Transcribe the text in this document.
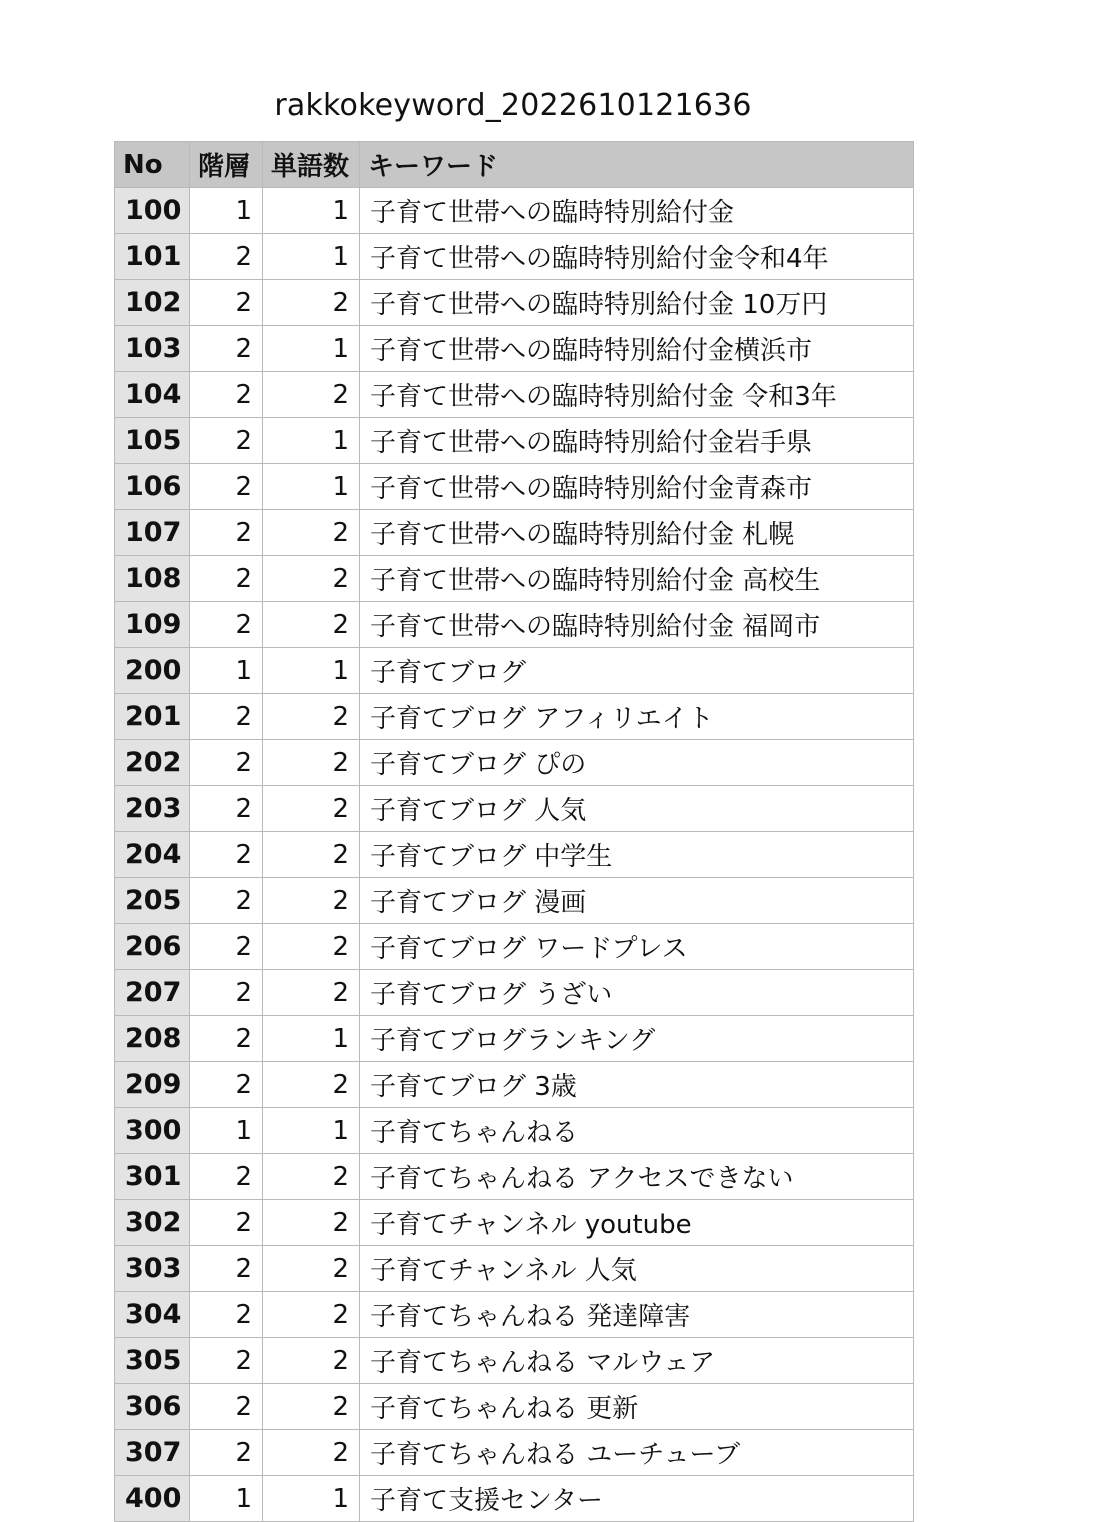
rakkokeyword_2022610121636
No	階層	単語数	キーワード
100	1	1	子育て世帯への臨時特別給付金
101	2	1	子育て世帯への臨時特別給付金令和4年
102	2	2	子育て世帯への臨時特別給付金 10万円
103	2	1	子育て世帯への臨時特別給付金横浜市
104	2	2	子育て世帯への臨時特別給付金 令和3年
105	2	1	子育て世帯への臨時特別給付金岩手県
106	2	1	子育て世帯への臨時特別給付金青森市
107	2	2	子育て世帯への臨時特別給付金 札幌
108	2	2	子育て世帯への臨時特別給付金 高校生
109	2	2	子育て世帯への臨時特別給付金 福岡市
200	1	1	子育てブログ
201	2	2	子育てブログ アフィリエイト
202	2	2	子育てブログ ぴの
203	2	2	子育てブログ 人気
204	2	2	子育てブログ 中学生
205	2	2	子育てブログ 漫画
206	2	2	子育てブログ ワードプレス
207	2	2	子育てブログ うざい
208	2	1	子育てブログランキング
209	2	2	子育てブログ 3歳
300	1	1	子育てちゃんねる
301	2	2	子育てちゃんねる アクセスできない
302	2	2	子育てチャンネル youtube
303	2	2	子育てチャンネル 人気
304	2	2	子育てちゃんねる 発達障害
305	2	2	子育てちゃんねる マルウェア
306	2	2	子育てちゃんねる 更新
307	2	2	子育てちゃんねる ユーチューブ
400	1	1	子育て支援センター
